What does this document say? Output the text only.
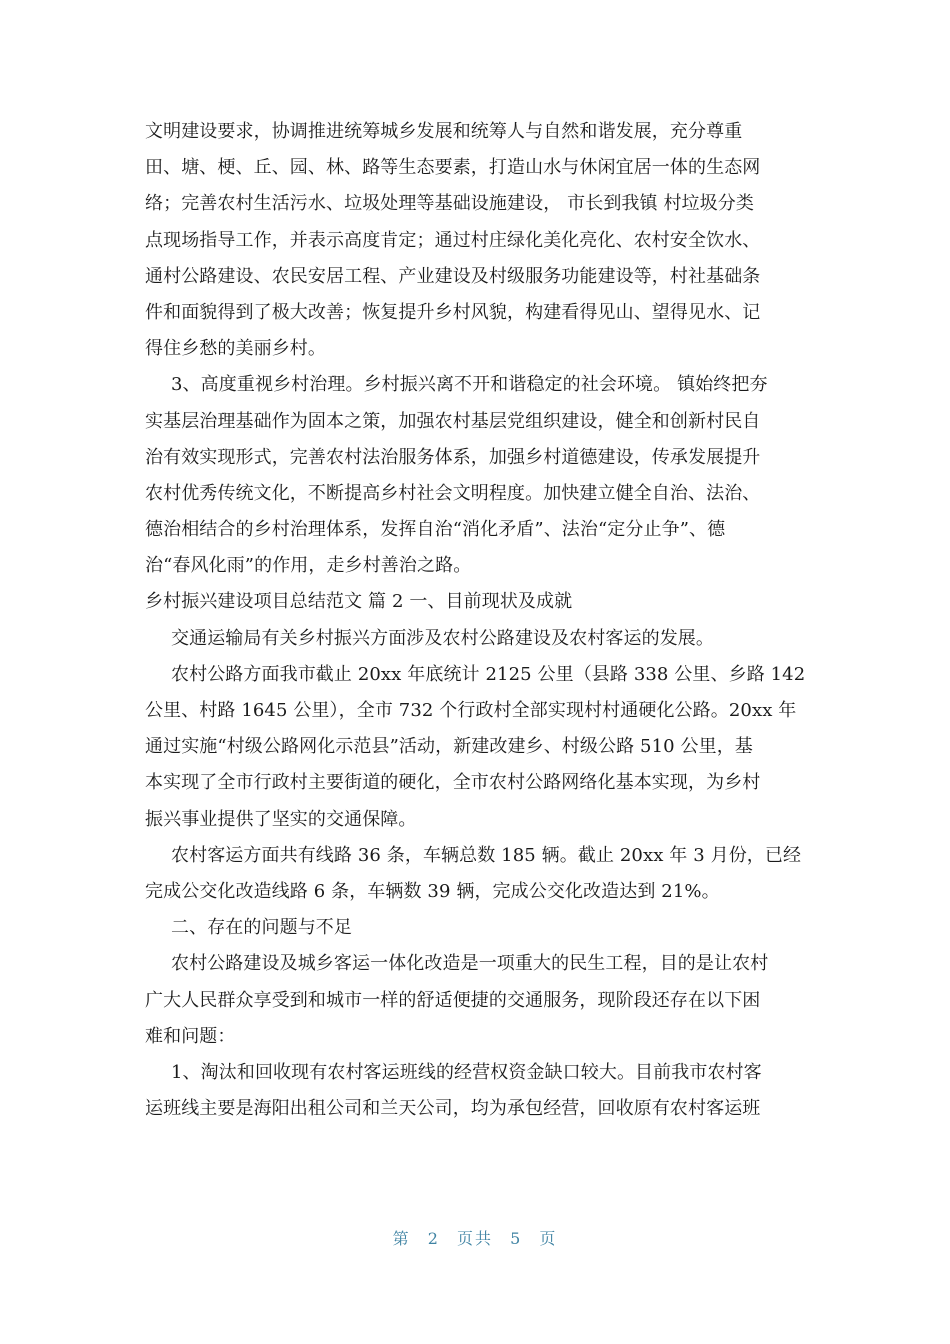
文明建设要求，协调推进统筹城乡发展和统筹人与自然和谐发展，充分尊重
田、塘、梗、丘、园、林、路等生态要素，打造山水与休闲宜居一体的生态网
络；完善农村生活污水、垃圾处理等基础设施建设， 市长到我镇 村垃圾分类
点现场指导工作，并表示高度肯定；通过村庄绿化美化亮化、农村安全饮水、
通村公路建设、农民安居工程、产业建设及村级服务功能建设等，村社基础条
件和面貌得到了极大改善；恢复提升乡村风貌，构建看得见山、望得见水、记
得住乡愁的美丽乡村。
3、高度重视乡村治理。乡村振兴离不开和谐稳定的社会环境。 镇始终把夯
实基层治理基础作为固本之策，加强农村基层党组织建设，健全和创新村民自
治有效实现形式，完善农村法治服务体系，加强乡村道德建设，传承发展提升
农村优秀传统文化，不断提高乡村社会文明程度。加快建立健全自治、法治、
德治相结合的乡村治理体系，发挥自治“消化矛盾”、法治“定分止争”、德
治“春风化雨”的作用，走乡村善治之路。
乡村振兴建设项目总结范文 篇 2 一、目前现状及成就
交通运输局有关乡村振兴方面涉及农村公路建设及农村客运的发展。
农村公路方面我市截止 20xx 年底统计 2125 公里（县路 338 公里、乡路 142
公里、村路 1645 公里），全市 732 个行政村全部实现村村通硬化公路。20xx 年
通过实施“村级公路网化示范县”活动，新建改建乡、村级公路 510 公里，基
本实现了全市行政村主要街道的硬化，全市农村公路网络化基本实现，为乡村
振兴事业提供了坚实的交通保障。
农村客运方面共有线路 36 条，车辆总数 185 辆。截止 20xx 年 3 月份，已经
完成公交化改造线路 6 条，车辆数 39 辆，完成公交化改造达到 21%。
二、存在的问题与不足
农村公路建设及城乡客运一体化改造是一项重大的民生工程，目的是让农村
广大人民群众享受到和城市一样的舒适便捷的交通服务，现阶段还存在以下困
难和问题：
1、淘汰和回收现有农村客运班线的经营权资金缺口较大。目前我市农村客
运班线主要是海阳出租公司和兰天公司，均为承包经营，回收原有农村客运班
第 2 页共 5 页
